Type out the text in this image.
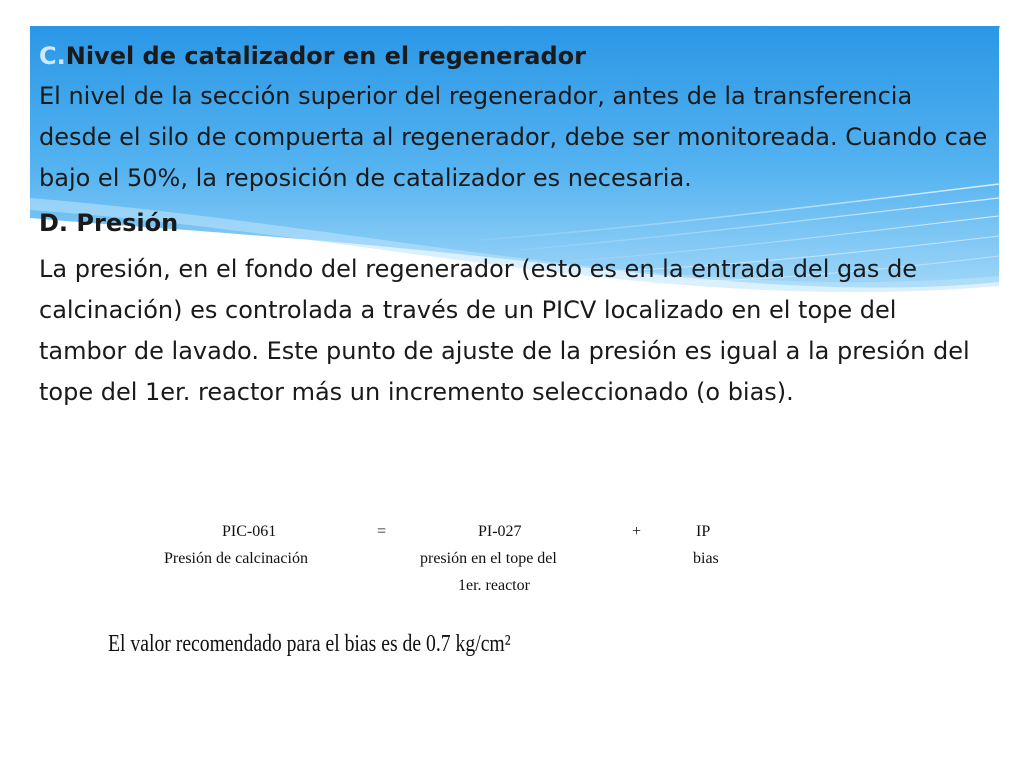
C.Nivel de catalizador en el regenerador

El nivel de la sección superior del regenerador, antes de la transferencia desde el silo de compuerta al regenerador, debe ser monitoreada. Cuando cae bajo el 50%, la reposición de catalizador es necesaria.

D. Presión

La presión, en el fondo del regenerador (esto es en la entrada del gas de calcinación) es controlada a través de un PICV localizado en el tope del tambor de lavado. Este punto de ajuste de la presión es igual a la presión del tope del 1er. reactor más un incremento seleccionado (o bias).

PIC-061
Presión de calcinación
=	PI-027
presión en el tope del
1er. reactor
+	ΙP
bias
El valor recomendado para el bias es de 0.7 kg/cm²
